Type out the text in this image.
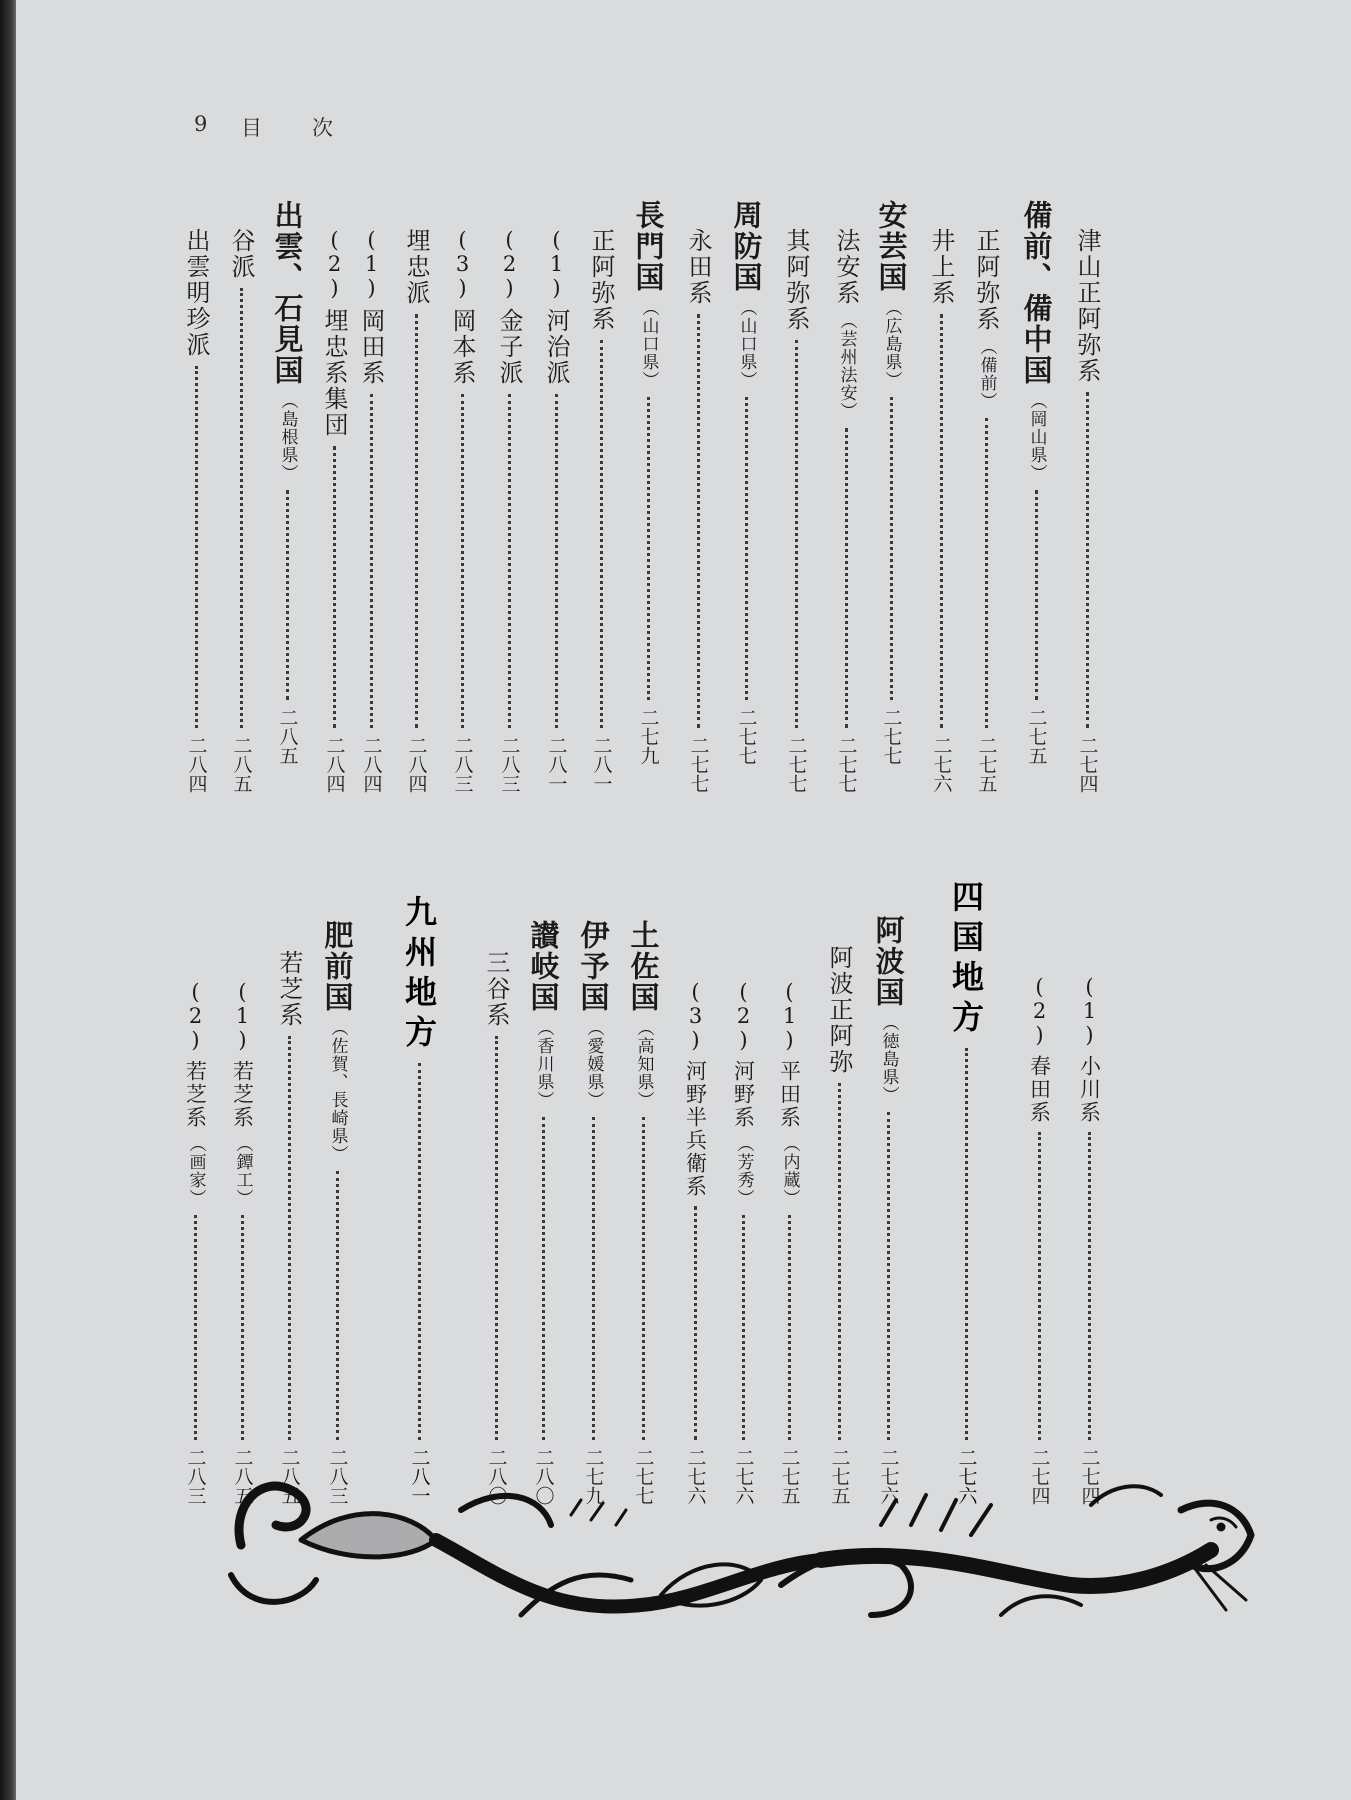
9 目 次
津山正阿弥系
二七四
備前、備中国
（岡山県）
二七五
正阿弥系
（備前）
二七五
井上系
二七六
安芸国
（広島県）
二七七
法安系
（芸州法安）
二七七
其阿弥系
二七七
周防国
（山口県）
二七七
永田系
二七七
長門国
（山口県）
二七九
正阿弥系
二八一
(1)
河治派
二八一
(2)
金子派
二八三
(3)
岡本系
二八三
埋忠派
二八四
(1)
岡田系
二八四
(2)
埋忠系集団
二八四
出雲、石見国
（島根県）
二八五
谷派
二八五
出雲明珍派
二八四
(1)
小川系
二七四
(2)
春田系
二七四
四国地方
二七六
阿波国
（徳島県）
二七六
阿波正阿弥
二七五
(1)
平田系
（内蔵）
二七五
(2)
河野系
（芳秀）
二七六
(3)
河野半兵衛系
二七六
土佐国
（高知県）
二七七
伊予国
（愛媛県）
二七九
讃岐国
（香川県）
二八〇
三谷系
二八〇
九州地方
二八一
肥前国
（佐賀、長崎県）
二八三
若芝系
二八五
(1)
若芝系
（鐔工）
二八五
(2)
若芝系
（画家）
二八三
